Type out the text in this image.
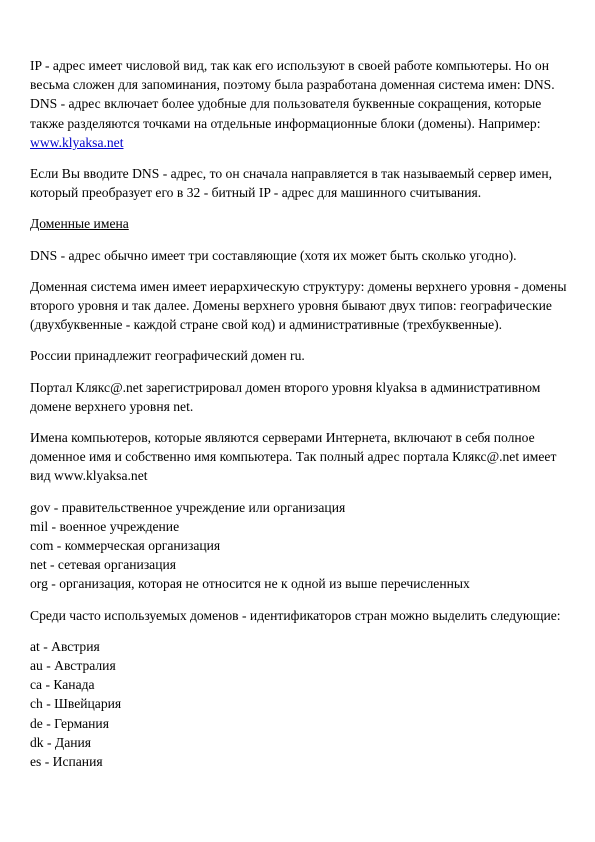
IP - адрес имеет числовой вид, так как его используют в своей работе компьютеры. Но он весьма сложен для запоминания, поэтому была разработана доменная система имен: DNS. DNS - адрес включает более удобные для пользователя буквенные сокращения, которые также разделяются точками на отдельные информационные блоки (домены). Например: www.klyaksa.net

Если Вы вводите DNS - адрес, то он сначала направляется в так называемый сервер имен, который преобразует его в 32 - битный IP - адрес для машинного считывания.

Доменные имена

DNS - адрес обычно имеет три составляющие (хотя их может быть сколько угодно).

Доменная система имен имеет иерархическую структуру: домены верхнего уровня - домены второго уровня и так далее. Домены верхнего уровня бывают двух типов: географические (двухбуквенные - каждой стране свой код) и административные (трехбуквенные).

России принадлежит географический домен ru.

Портал Клякс@.net зарегистрировал домен второго уровня klyaksa в административном домене верхнего уровня net.

Имена компьютеров, которые являются серверами Интернета, включают в себя полное доменное имя и собственно имя компьютера. Так полный адрес портала Клякс@.net имеет вид www.klyaksa.net

gov - правительственное учреждение или организация
mil - военное учреждение
com - коммерческая организация
net - сетевая организация
org - организация, которая не относится не к одной из выше перечисленных

Среди часто используемых доменов - идентификаторов стран можно выделить следующие:

at - Австрия
au - Австралия
ca - Канада
ch - Швейцария
de - Германия
dk - Дания
es - Испания
